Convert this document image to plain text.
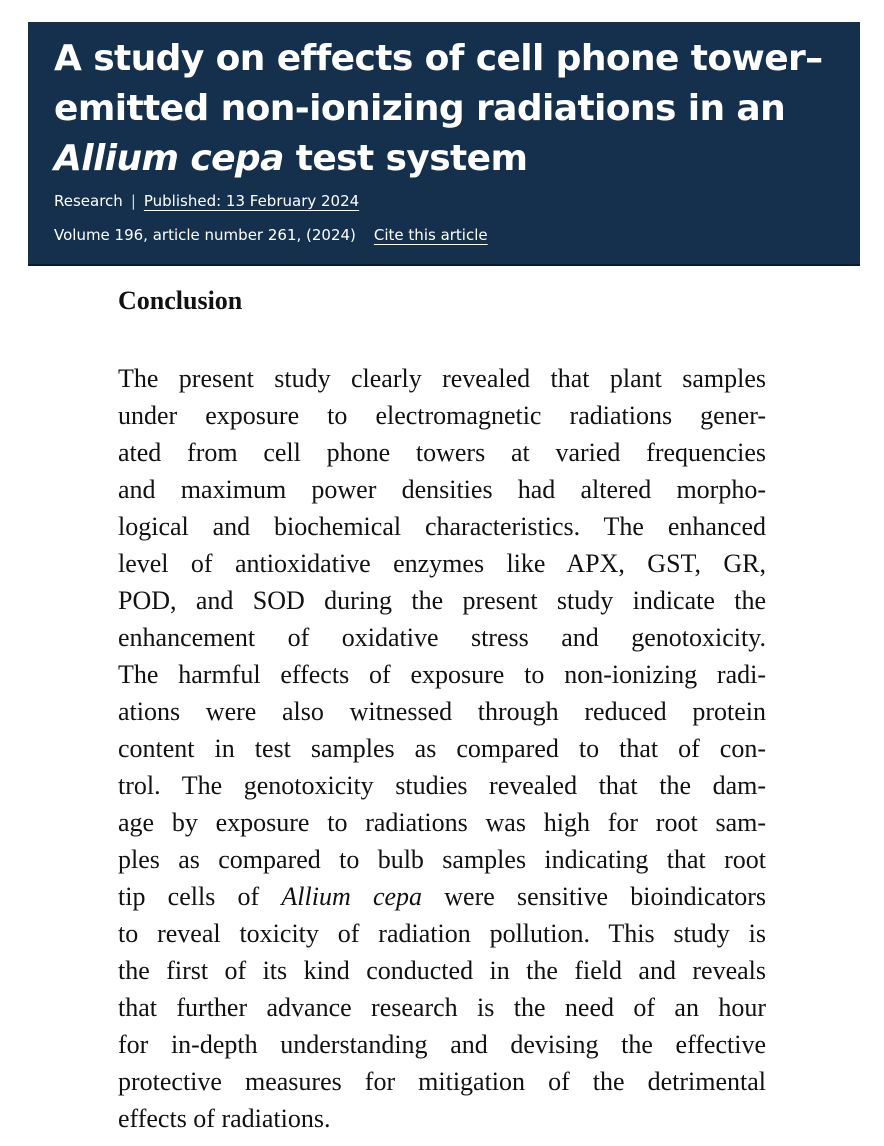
A study on effects of cell phone tower–emitted non-ionizing radiations in an Allium cepa test system
Research | Published: 13 February 2024
Volume 196, article number 261, (2024) Cite this article
Conclusion
The present study clearly revealed that plant samples
under exposure to electromagnetic radiations gener-
ated from cell phone towers at varied frequencies
and maximum power densities had altered morpho-
logical and biochemical characteristics. The enhanced
level of antioxidative enzymes like APX, GST, GR,
POD, and SOD during the present study indicate the
enhancement of oxidative stress and genotoxicity.
The harmful effects of exposure to non-ionizing radi-
ations were also witnessed through reduced protein
content in test samples as compared to that of con-
trol. The genotoxicity studies revealed that the dam-
age by exposure to radiations was high for root sam-
ples as compared to bulb samples indicating that root
tip cells of Allium cepa were sensitive bioindicators
to reveal toxicity of radiation pollution. This study is
the first of its kind conducted in the field and reveals
that further advance research is the need of an hour
for in-depth understanding and devising the effective
protective measures for mitigation of the detrimental
effects of radiations.
